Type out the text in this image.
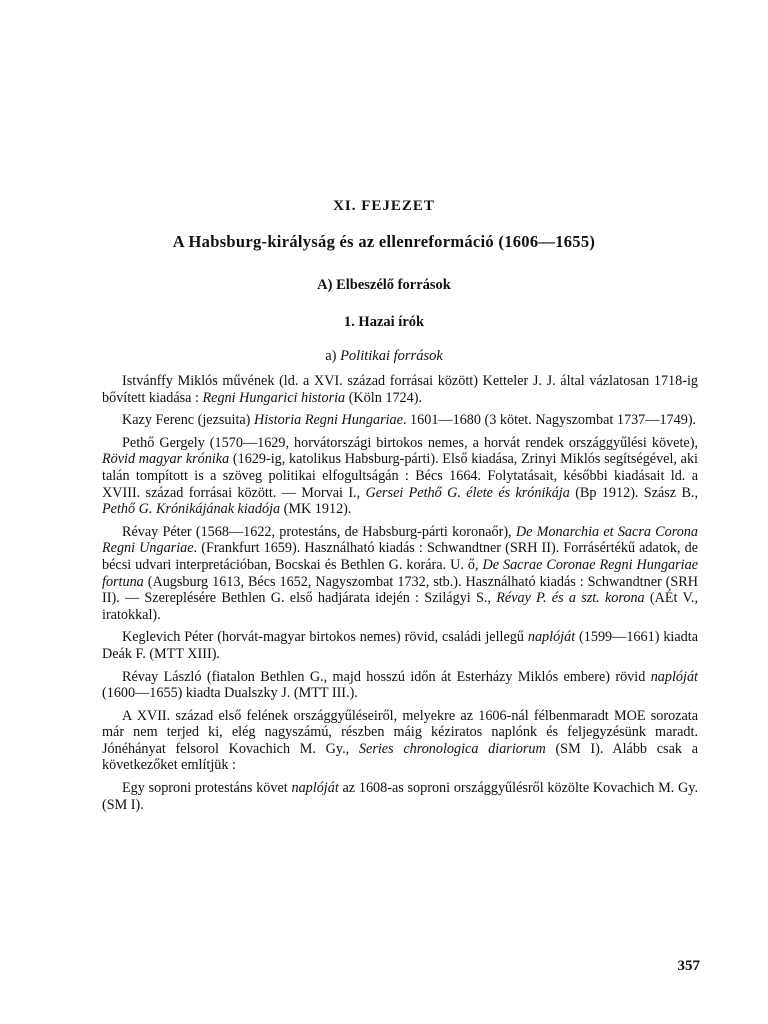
XI. FEJEZET
A Habsburg-királyság és az ellenreformáció (1606—1655)
A) Elbeszélő források
1. Hazai írók
a) Politikai források

Istvánffy Miklós művének (ld. a XVI. század forrásai között) Ketteler J. J. által vázlatosan 1718-ig bővített kiadása : Regni Hungarici historia (Köln 1724).

Kazy Ferenc (jezsuita) Historia Regni Hungariae. 1601—1680 (3 kötet. Nagyszombat 1737—1749).

Pethő Gergely (1570—1629, horvátországi birtokos nemes, a horvát rendek országgyűlési követe), Rövid magyar krónika (1629-ig, katolikus Habsburg-párti). Első kiadása, Zrinyi Miklós segítségével, aki talán tompított is a szöveg politikai elfogultságán : Bécs 1664. Folytatásait, későbbi kiadásait ld. a XVIII. század forrásai között. — Morvai I., Gersei Pethő G. élete és krónikája (Bp 1912). Szász B., Pethő G. Krónikájának kiadója (MK 1912).

Révay Péter (1568—1622, protestáns, de Habsburg-párti koronaőr), De Monarchia et Sacra Corona Regni Ungariae. (Frankfurt 1659). Használható kiadás : Schwandtner (SRH II). Forrásértékű adatok, de bécsi udvari interpretációban, Bocskai és Bethlen G. korára. U. ő, De Sacrae Coronae Regni Hungariae fortuna (Augsburg 1613, Bécs 1652, Nagyszombat 1732, stb.). Használható kiadás : Schwandtner (SRH II). — Szereplésére Bethlen G. első hadjárata idején : Szilágyi S., Révay P. és a szt. korona (AÉt V., iratokkal).

Keglevich Péter (horvát-magyar birtokos nemes) rövid, családi jellegű naplóját (1599—1661) kiadta Deák F. (MTT XIII).

Révay László (fiatalon Bethlen G., majd hosszú időn át Esterházy Miklós embere) rövid naplóját (1600—1655) kiadta Dualszky J. (MTT III.).

A XVII. század első felének országgyűléseiről, melyekre az 1606-nál félbenmaradt MOE sorozata már nem terjed ki, elég nagyszámú, részben máig kéziratos naplónk és feljegyzésünk maradt. Jónéhányat felsorol Kovachich M. Gy., Series chronologica diariorum (SM I). Alább csak a következőket említjük :

Egy soproni protestáns követ naplóját az 1608-as soproni országgyűlésről közölte Kovachich M. Gy. (SM I).

357
